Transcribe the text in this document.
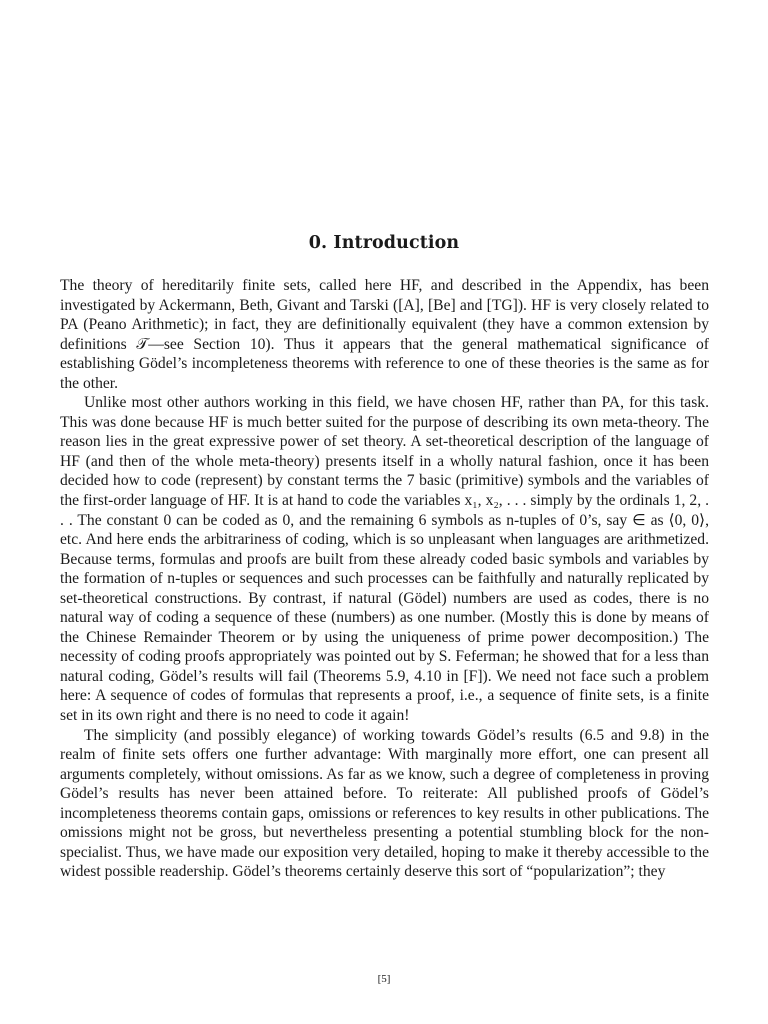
0. Introduction

The theory of hereditarily finite sets, called here HF, and described in the Appendix, has been investigated by Ackermann, Beth, Givant and Tarski ([A], [Be] and [TG]). HF is very closely related to PA (Peano Arithmetic); in fact, they are definitionally equivalent (they have a common extension by definitions 𝒯—see Section 10). Thus it appears that the general mathematical significance of establishing Gödel’s incompleteness theorems with reference to one of these theories is the same as for the other.

Unlike most other authors working in this field, we have chosen HF, rather than PA, for this task. This was done because HF is much better suited for the purpose of describing its own meta-theory. The reason lies in the great expressive power of set theory. A set-theoretical description of the language of HF (and then of the whole meta-theory) presents itself in a wholly natural fashion, once it has been decided how to code (represent) by constant terms the 7 basic (primitive) symbols and the variables of the first-order language of HF. It is at hand to code the variables x₁, x₂, . . . simply by the ordinals 1, 2, . . . The constant 0 can be coded as 0, and the remaining 6 symbols as n-tuples of 0’s, say ∈ as ⟨0, 0⟩, etc. And here ends the arbitrariness of coding, which is so unpleasant when languages are arithmetized. Because terms, formulas and proofs are built from these already coded basic symbols and variables by the formation of n-tuples or sequences and such processes can be faithfully and naturally replicated by set-theoretical constructions. By contrast, if natural (Gödel) numbers are used as codes, there is no natural way of coding a sequence of these (numbers) as one number. (Mostly this is done by means of the Chinese Remainder Theorem or by using the uniqueness of prime power decomposition.) The necessity of coding proofs appropriately was pointed out by S. Feferman; he showed that for a less than natural coding, Gödel’s results will fail (Theorems 5.9, 4.10 in [F]). We need not face such a problem here: A sequence of codes of formulas that represents a proof, i.e., a sequence of finite sets, is a finite set in its own right and there is no need to code it again!

The simplicity (and possibly elegance) of working towards Gödel’s results (6.5 and 9.8) in the realm of finite sets offers one further advantage: With marginally more effort, one can present all arguments completely, without omissions. As far as we know, such a degree of completeness in proving Gödel’s results has never been attained before. To reiterate: All published proofs of Gödel’s incompleteness theorems contain gaps, omissions or references to key results in other publications. The omissions might not be gross, but nevertheless presenting a potential stumbling block for the non-specialist. Thus, we have made our exposition very detailed, hoping to make it thereby accessible to the widest possible readership. Gödel’s theorems certainly deserve this sort of “popularization”; they

[5]
